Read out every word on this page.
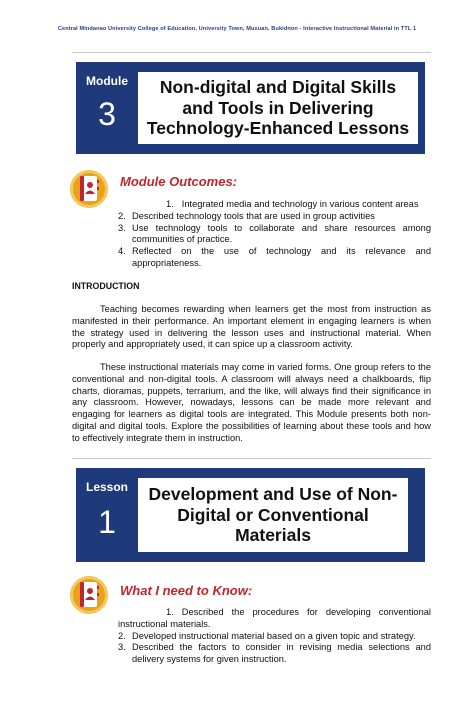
Central Mindanao University College of Education, University Town, Musuan, Bukidnon - Interactive Instructional Material in TTL 1
Module
3
Non-digital and Digital Skills and Tools in Delivering Technology-Enhanced Lessons
Module Outcomes:
1. Integrated media and technology in various content areas
2. Described technology tools that are used in group activities
3. Use technology tools to collaborate and share resources among communities of practice.
4. Reflected on the use of technology and its relevance and appropriateness.
INTRODUCTION
Teaching becomes rewarding when learners get the most from instruction as manifested in their performance. An important element in engaging learners is when the strategy used in delivering the lesson uses and instructional material. When properly and appropriately used, it can spice up a classroom activity.
These instructional materials may come in varied forms. One group refers to the conventional and non-digital tools. A classroom will always need a chalkboards, flip charts, dioramas, puppets, terrarium, and the like, will always find their significance in any classroom. However, nowadays, lessons can be made more relevant and engaging for learners as digital tools are integrated. This Module presents both non-digital and digital tools. Explore the possibilities of learning about these tools and how to effectively integrate them in instruction.
Lesson
1
Development and Use of Non-Digital or Conventional Materials
What I need to Know:
1. Described the procedures for developing conventional instructional materials.
2. Developed instructional material based on a given topic and strategy.
3. Described the factors to consider in revising media selections and delivery systems for given instruction.
